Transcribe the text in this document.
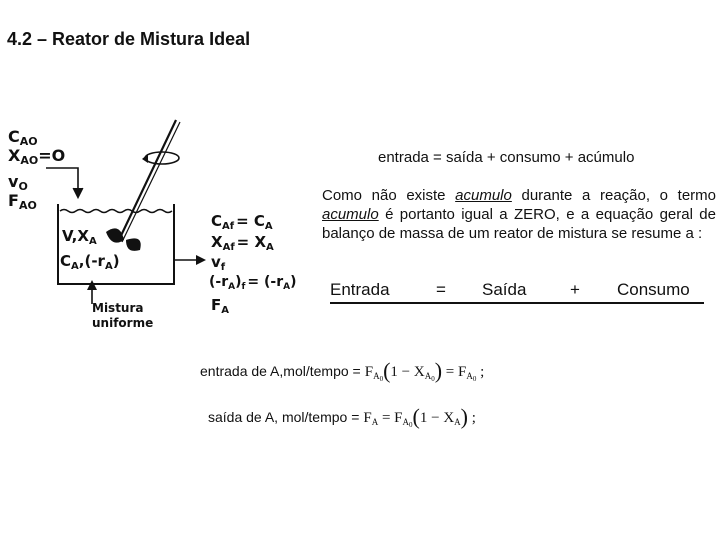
4.2 – Reator de Mistura Ideal
CAO
XAO=O
vO
FAO
$V,X_A$
$C_A,(-r_A)$
$C_{Af} = C_A$
$X_{Af} = X_A$
$v_f$
$(-r_A)_f = (-r_A)$
$F_A$
Mistura
uniforme
entrada = saída + consumo + acúmulo
Como não existe acumulo durante a reação, o termo acumulo é portanto igual a ZERO, e a equação geral de balanço de massa de um reator de mistura se resume a :
Entrada	= Saída	+ Consumo
entrada de A,mol/tempo = $F_{A0}(1 - X_{A0}) = F_{A0}$ ;
saída de A, mol/tempo = $F_A = F_{A0}(1 - X_A)$ ;
